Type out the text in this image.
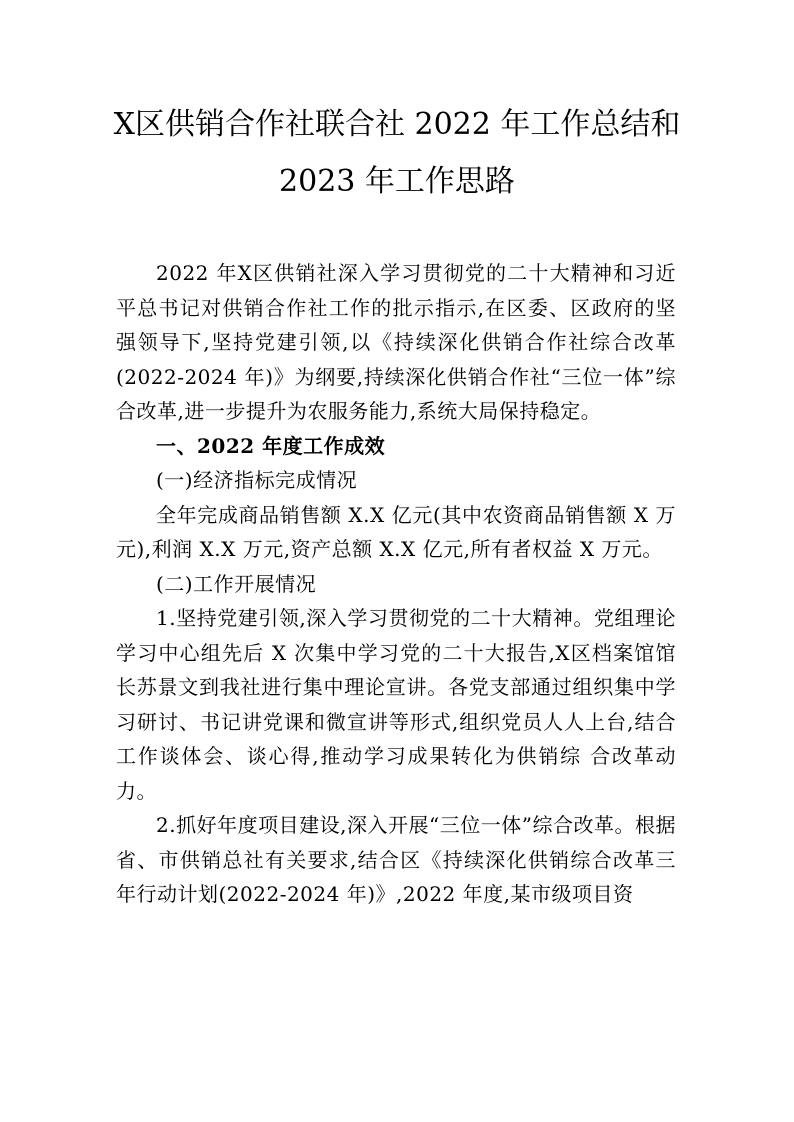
X区供销合作社联合社 2022 年工作总结和
2023 年工作思路

2022 年X区供销社深入学习贯彻党的二十大精神和习近平总书记对供销合作社工作的批示指示,在区委、区政府的坚强领导下,坚持党建引领,以《持续深化供销合作社综合改革(2022-2024 年)》为纲要,持续深化供销合作社“三位一体”综合改革,进一步提升为农服务能力,系统大局保持稳定。

一、2022 年度工作成效

(一)经济指标完成情况

全年完成商品销售额 X.X 亿元(其中农资商品销售额 X 万元),利润 X.X 万元,资产总额 X.X 亿元,所有者权益 X 万元。

(二)工作开展情况

1.坚持党建引领,深入学习贯彻党的二十大精神。党组理论学习中心组先后 X 次集中学习党的二十大报告,X区档案馆馆长苏景文到我社进行集中理论宣讲。各党支部通过组织集中学习研讨、书记讲党课和微宣讲等形式,组织党员人人上台,结合工作谈体会、谈心得,推动学习成果转化为供销综 合改革动力。

2.抓好年度项目建设,深入开展“三位一体”综合改革。根据省、市供销总社有关要求,结合区《持续深化供销综合改革三年行动计划(2022-2024 年)》,2022 年度,某市级项目资
